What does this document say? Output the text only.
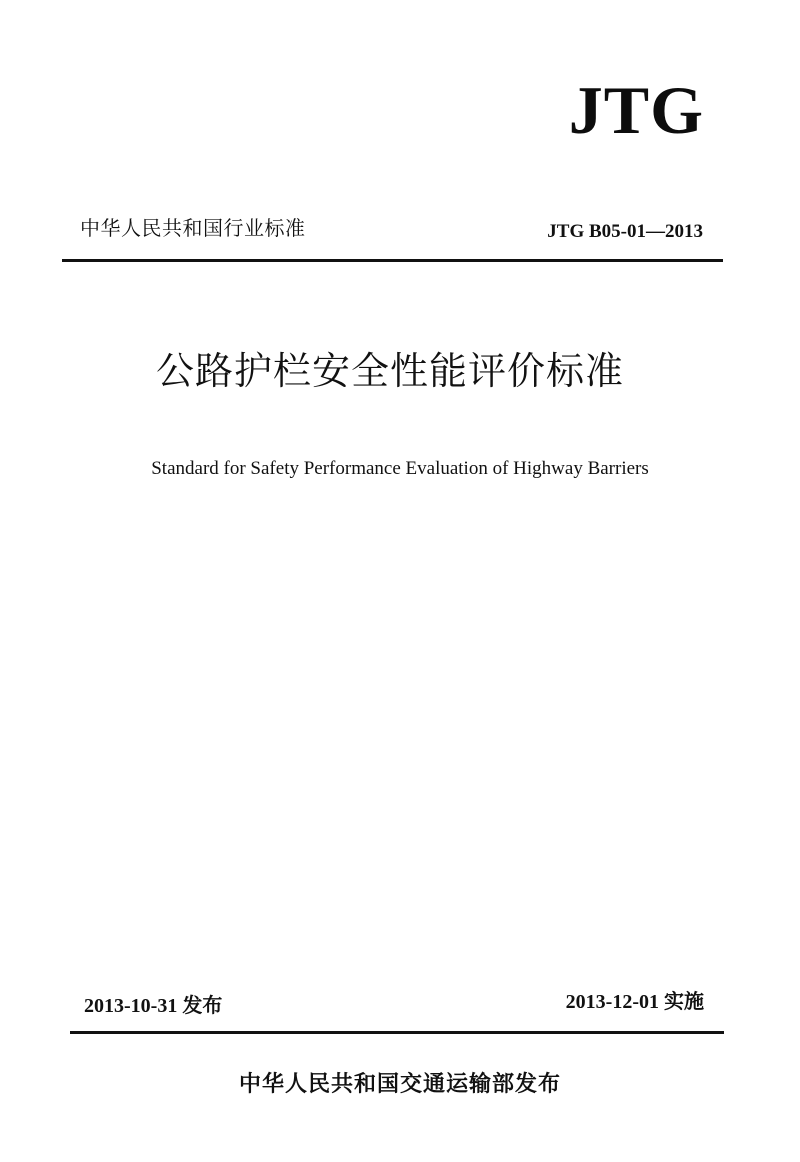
JTG
中华人民共和国行业标准	JTG B05-01—2013
公路护栏安全性能评价标准
Standard for Safety Performance Evaluation of Highway Barriers
2013-10-31 发布	2013-12-01 实施
中华人民共和国交通运输部发布
